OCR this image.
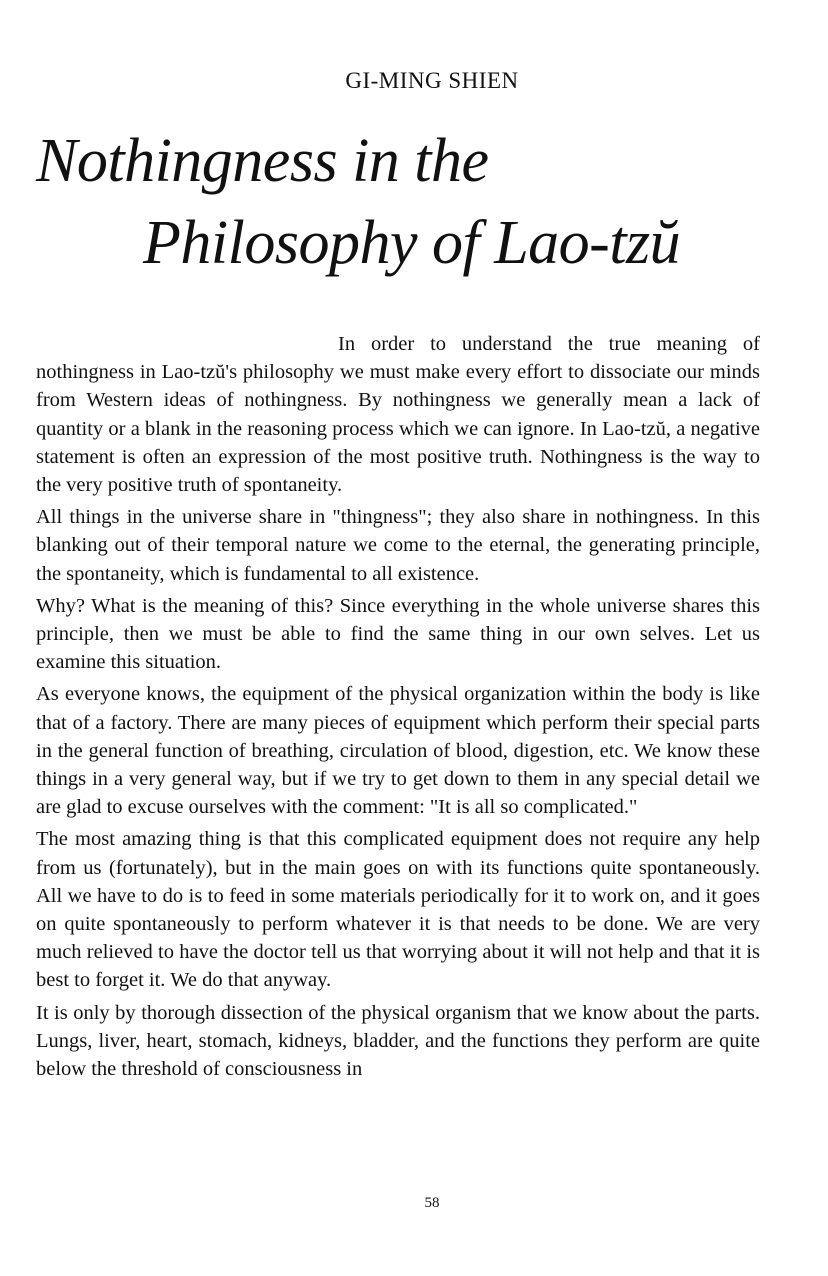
GI-MING SHIEN
Nothingness in the
Philosophy of Lao-tzŭ

In order to understand the true meaning of nothingness in Lao-tzŭ's philosophy we must make every effort to dissociate our minds from Western ideas of nothingness. By nothingness we generally mean a lack of quantity or a blank in the reasoning process which we can ignore. In Lao-tzŭ, a negative statement is often an expression of the most positive truth. Nothingness is the way to the very positive truth of spontaneity.

All things in the universe share in "thingness"; they also share in nothingness. In this blanking out of their temporal nature we come to the eternal, the generating principle, the spontaneity, which is fundamental to all existence.

Why? What is the meaning of this? Since everything in the whole universe shares this principle, then we must be able to find the same thing in our own selves. Let us examine this situation.

As everyone knows, the equipment of the physical organization within the body is like that of a factory. There are many pieces of equipment which perform their special parts in the general function of breathing, circulation of blood, digestion, etc. We know these things in a very general way, but if we try to get down to them in any special detail we are glad to excuse ourselves with the comment: "It is all so complicated."

The most amazing thing is that this complicated equipment does not require any help from us (fortunately), but in the main goes on with its functions quite spontaneously. All we have to do is to feed in some materials periodically for it to work on, and it goes on quite spontaneously to perform whatever it is that needs to be done. We are very much relieved to have the doctor tell us that worrying about it will not help and that it is best to forget it. We do that anyway.

It is only by thorough dissection of the physical organism that we know about the parts. Lungs, liver, heart, stomach, kidneys, bladder, and the functions they perform are quite below the threshold of consciousness in

58
